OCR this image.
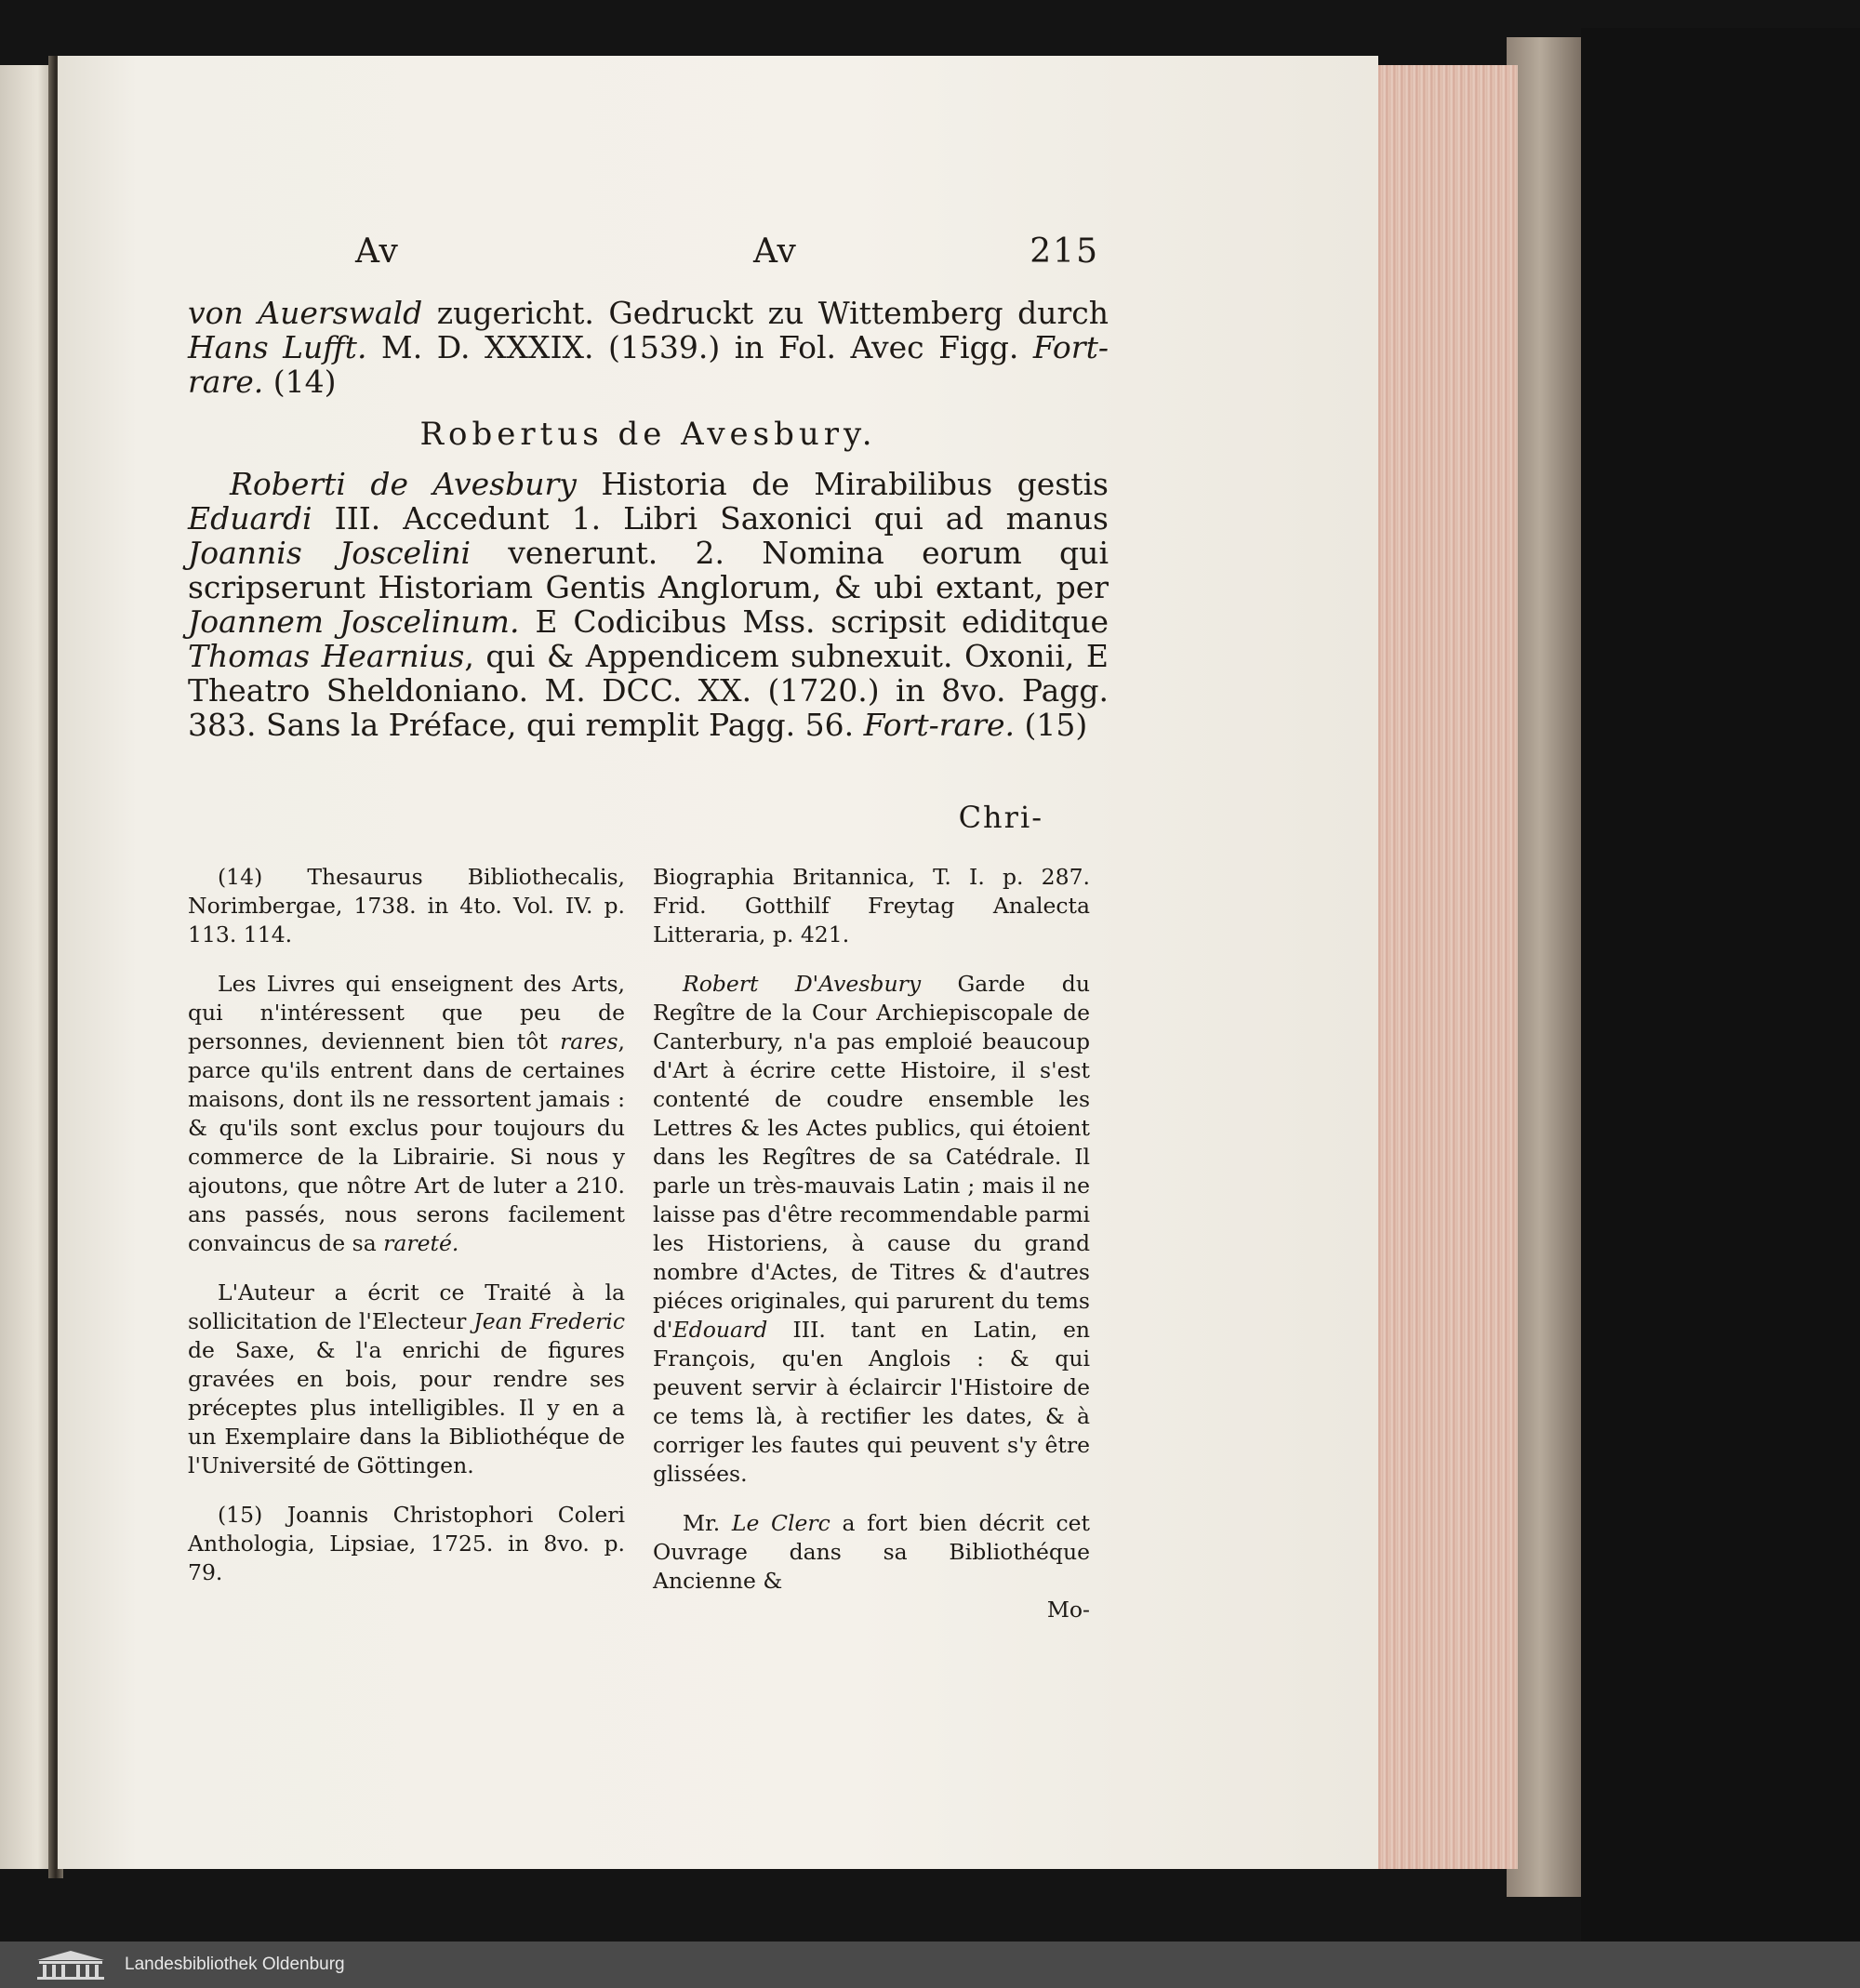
Av	Av	215

von Auerswald zugericht. Gedruckt zu Wittemberg durch Hans Lufft. M. D. XXXIX. (1539.) in Fol. Avec Figg. Fort-rare. (14)

Robertus de Avesbury.

Roberti de Avesbury Historia de Mirabilibus gestis Eduardi III. Accedunt 1. Libri Saxonici qui ad manus Joannis Joscelini venerunt. 2. Nomina eorum qui scripserunt Historiam Gentis Anglorum, & ubi extant, per Joannem Joscelinum. E Codicibus Mss. scripsit ediditque Thomas Hearnius, qui & Appendicem subnexuit. Oxonii, E Theatro Sheldoniano. M. DCC. XX. (1720.) in 8vo. Pagg. 383. Sans la Préface, qui remplit Pagg. 56. Fort-rare. (15)

Chri-

(14) Thesaurus Bibliothecalis, Norimbergae, 1738. in 4to. Vol. IV. p. 113. 114.

Les Livres qui enseignent des Arts, qui n'intéressent que peu de personnes, deviennent bien tôt rares, parce qu'ils entrent dans de certaines maisons, dont ils ne ressortent jamais : & qu'ils sont exclus pour toujours du commerce de la Librairie. Si nous y ajoutons, que nôtre Art de luter a 210. ans passés, nous serons facilement convaincus de sa rareté.

L'Auteur a écrit ce Traité à la sollicitation de l'Electeur Jean Frederic de Saxe, & l'a enrichi de figures gravées en bois, pour rendre ses préceptes plus intelligibles. Il y en a un Exemplaire dans la Bibliothéque de l'Université de Göttingen.

(15) Joannis Christophori Coleri Anthologia, Lipsiae, 1725. in 8vo. p. 79.

Biographia Britannica, T. I. p. 287. Frid. Gotthilf Freytag Analecta Litteraria, p. 421.

Robert D'Avesbury Garde du Regître de la Cour Archiepiscopale de Canterbury, n'a pas emploié beaucoup d'Art à écrire cette Histoire, il s'est contenté de coudre ensemble les Lettres & les Actes publics, qui étoient dans les Regîtres de sa Catédrale. Il parle un très-mauvais Latin ; mais il ne laisse pas d'être recommendable parmi les Historiens, à cause du grand nombre d'Actes, de Titres & d'autres piéces originales, qui parurent du tems d'Edouard III. tant en Latin, en François, qu'en Anglois : & qui peuvent servir à éclaircir l'Histoire de ce tems là, à rectifier les dates, & à corriger les fautes qui peuvent s'y être glissées.

Mr. Le Clerc a fort bien décrit cet Ouvrage dans sa Bibliothéque Ancienne &

Mo-

Landesbibliothek Oldenburg
